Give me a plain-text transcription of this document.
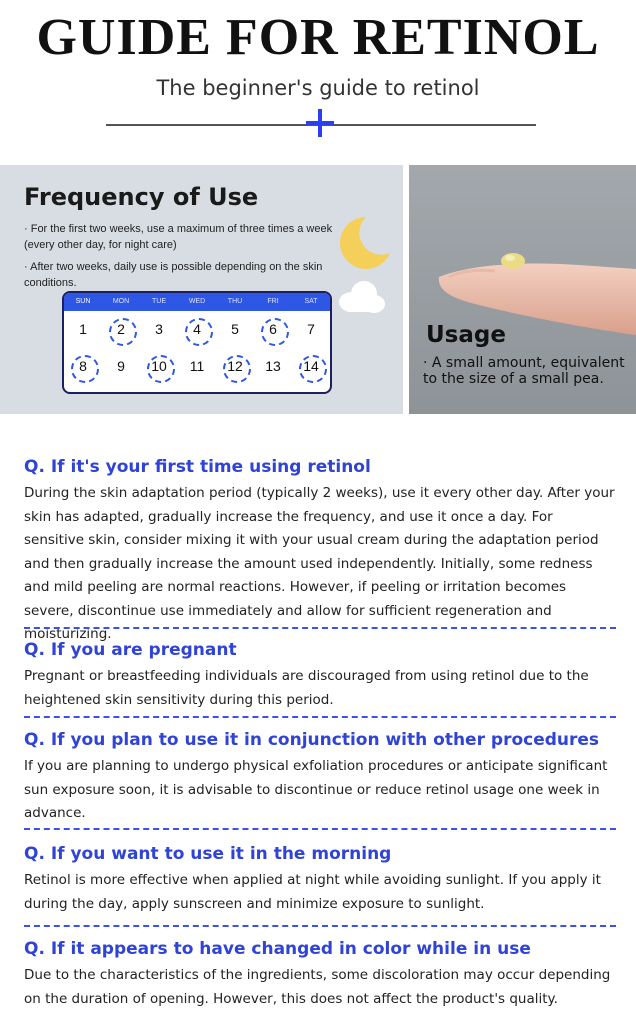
GUIDE FOR RETINOL
The beginner's guide to retinol
Frequency of Use
· For the first two weeks, use a maximum of three times a week (every other day, for night care)
· After two weeks, daily use is possible depending on the skin conditions.
SUN	MON	TUE	WED	THU	FRI	SAT
1	2	3	4	5	6	7
8	9	10	11	12	13	14
Usage
· A small amount, equivalent to the size of a small pea.
Q. If it's your first time using retinol
During the skin adaptation period (typically 2 weeks), use it every other day. After your skin has adapted, gradually increase the frequency, and use it once a day. For sensitive skin, consider mixing it with your usual cream during the adaptation period and then gradually increase the amount used independently. Initially, some redness and mild peeling are normal reactions. However, if peeling or irritation becomes severe, discontinue use immediately and allow for sufficient regeneration and moisturizing.
Q. If you are pregnant
Pregnant or breastfeeding individuals are discouraged from using retinol due to the heightened skin sensitivity during this period.
Q. If you plan to use it in conjunction with other procedures
If you are planning to undergo physical exfoliation procedures or anticipate significant sun exposure soon, it is advisable to discontinue or reduce retinol usage one week in advance.
Q. If you want to use it in the morning
Retinol is more effective when applied at night while avoiding sunlight. If you apply it during the day, apply sunscreen and minimize exposure to sunlight.
Q. If it appears to have changed in color while in use
Due to the characteristics of the ingredients, some discoloration may occur depending on the duration of opening. However, this does not affect the product's quality.
